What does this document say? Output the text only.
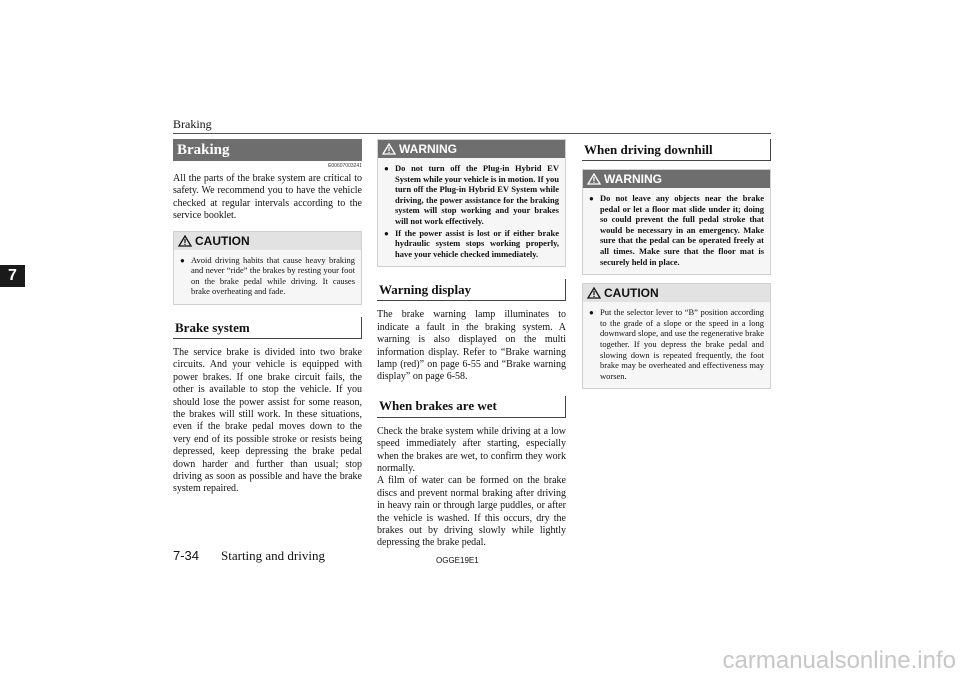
Braking
7
Braking
E00607003241

All the parts of the brake system are critical to safety. We recommend you to have the vehicle checked at regular intervals according to the service booklet.

CAUTION
● Avoid driving habits that cause heavy braking and never “ride” the brakes by resting your foot on the brake pedal while driving. It causes brake overheating and fade.
Brake system

The service brake is divided into two brake circuits. And your vehicle is equipped with power brakes. If one brake circuit fails, the other is available to stop the vehicle. If you should lose the power assist for some reason, the brakes will still work. In these situations, even if the brake pedal moves down to the very end of its possible stroke or resists being depressed, keep depressing the brake pedal down harder and further than usual; stop driving as soon as possible and have the brake system repaired.

WARNING
● Do not turn off the Plug-in Hybrid EV System while your vehicle is in motion. If you turn off the Plug-in Hybrid EV System while driving, the power assistance for the braking system will stop working and your brakes will not work effectively.
● If the power assist is lost or if either brake hydraulic system stops working properly, have your vehicle checked immediately.
Warning display

The brake warning lamp illuminates to indicate a fault in the braking system. A warning is also displayed on the multi information display. Refer to “Brake warning lamp (red)” on page 6-55 and “Brake warning display” on page 6-58.

When brakes are wet

Check the brake system while driving at a low speed immediately after starting, especially when the brakes are wet, to confirm they work normally.

A film of water can be formed on the brake discs and prevent normal braking after driving in heavy rain or through large puddles, or after the vehicle is washed. If this occurs, dry the brakes out by driving slowly while lightly depressing the brake pedal.

When driving downhill
WARNING
● Do not leave any objects near the brake pedal or let a floor mat slide under it; doing so could prevent the full pedal stroke that would be necessary in an emergency. Make sure that the pedal can be operated freely at all times. Make sure that the floor mat is securely held in place.
CAUTION
● Put the selector lever to “B” position according to the grade of a slope or the speed in a long downward slope, and use the regenerative brake together. If you depress the brake pedal and slowing down is repeated frequently, the foot brake may be overheated and effectiveness may worsen.
7-34 Starting and driving	OGGE19E1
carmanualsonline.info
